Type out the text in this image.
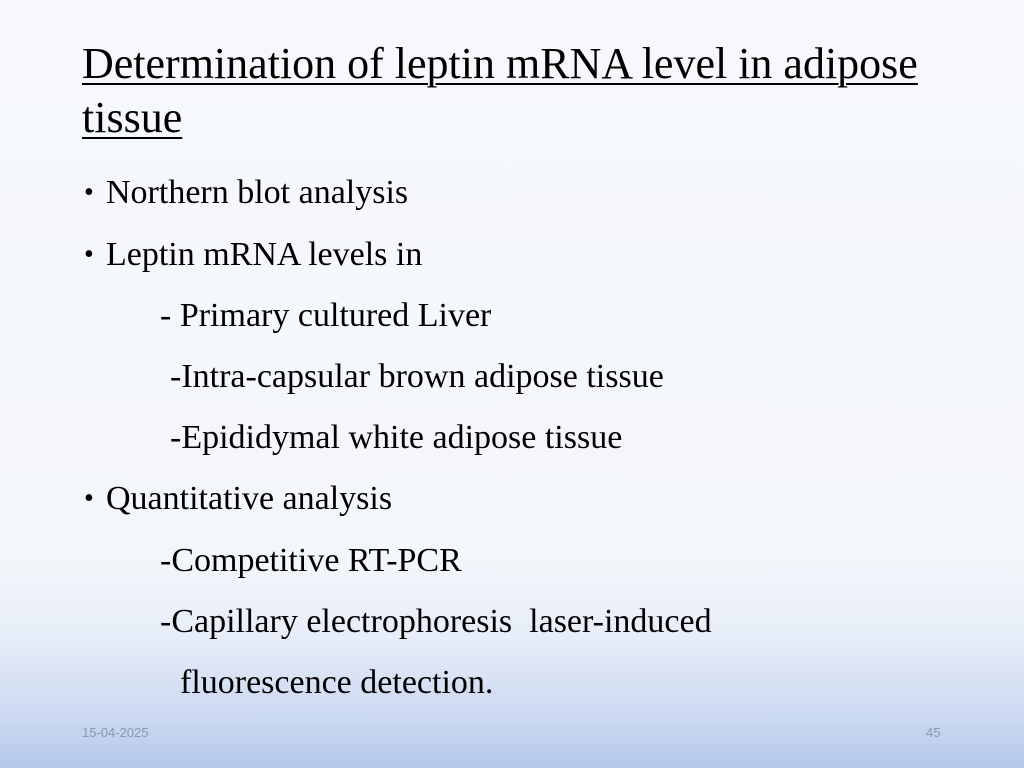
Determination of leptin mRNA level in adipose tissue
• Northern blot analysis
• Leptin mRNA levels in
- Primary cultured Liver
-Intra-capsular brown adipose tissue
-Epididymal white adipose tissue
• Quantitative analysis
-Competitive RT-PCR
-Capillary electrophoresis  laser-induced
fluorescence detection.
15-04-2025	45
